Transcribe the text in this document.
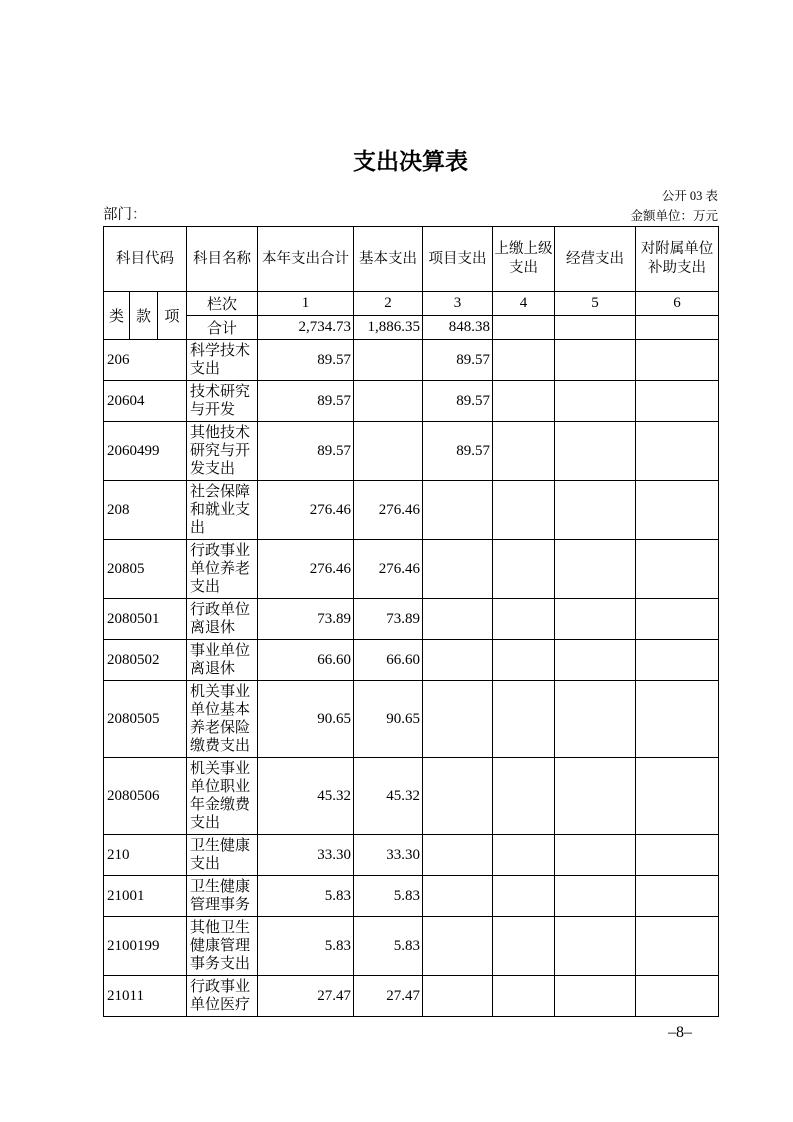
支出决算表
公开 03 表
部门：	金额单位：万元
科目代码			科目名称	本年支出合计	基本支出	项目支出	上缴上级支出	经营支出	对附属单位补助支出
类	款	项	栏次	1	2	3	4	5	6
			合计	2,734.73	1,886.35	848.38			
206			科学技术支出	89.57		89.57			
20604			技术研究与开发	89.57		89.57			
2060499			其他技术研究与开发支出	89.57		89.57			
208			社会保障和就业支出	276.46	276.46				
20805			行政事业单位养老支出	276.46	276.46				
2080501			行政单位离退休	73.89	73.89				
2080502			事业单位离退休	66.60	66.60				
2080505			机关事业单位基本养老保险缴费支出	90.65	90.65				
2080506			机关事业单位职业年金缴费支出	45.32	45.32				
210			卫生健康支出	33.30	33.30				
21001			卫生健康管理事务	5.83	5.83				
2100199			其他卫生健康管理事务支出	5.83	5.83				
21011			行政事业单位医疗	27.47	27.47				
–8–
